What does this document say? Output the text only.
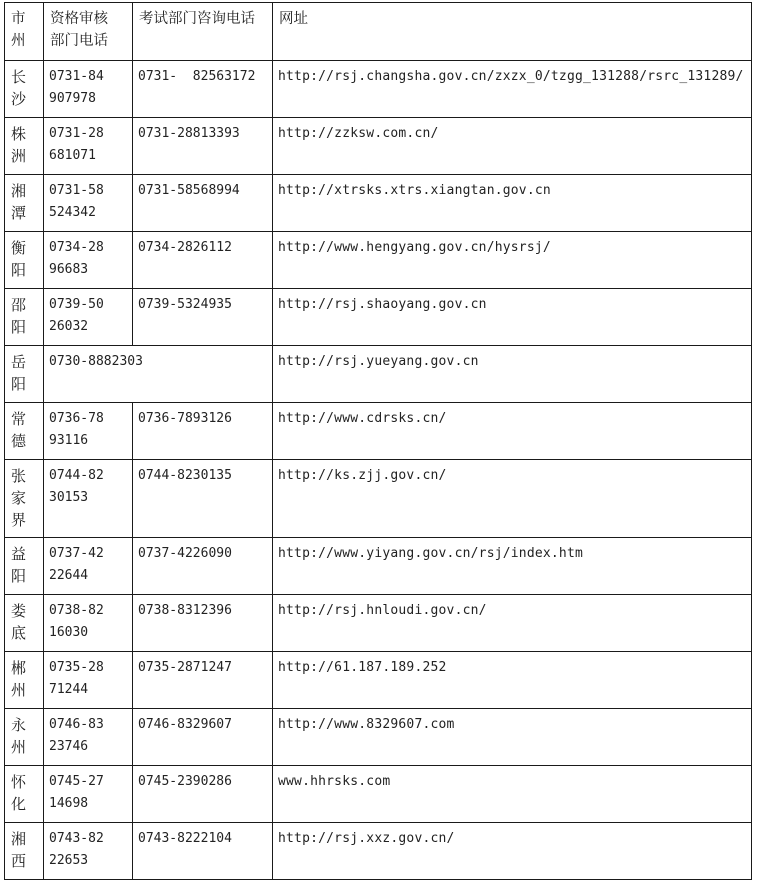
市州	资格审核部门电话	考试部门咨询电话	网址

长沙	0731-84907978	0731-  82563172	http://rsj.changsha.gov.cn/zxzx_0/tzgg_131288/rsrc_131289/

株洲	0731-28681071	0731-28813393	http://zzksw.com.cn/

湘潭	0731-58524342	0731-58568994	http://xtrsks.xtrs.xiangtan.gov.cn

衡阳	0734-2896683	0734-2826112	http://www.hengyang.gov.cn/hysrsj/

邵阳	0739-5026032	0739-5324935	http://rsj.shaoyang.gov.cn

岳阳	0730-8882303		http://rsj.yueyang.gov.cn

常德	0736-7893116	0736-7893126	http://www.cdrsks.cn/

张家界	0744-8230153	0744-8230135	http://ks.zjj.gov.cn/

益阳	0737-4222644	0737-4226090	http://www.yiyang.gov.cn/rsj/index.htm

娄底	0738-8216030	0738-8312396	http://rsj.hnloudi.gov.cn/

郴州	0735-2871244	0735-2871247	http://61.187.189.252

永州	0746-8323746	0746-8329607	http://www.8329607.com

怀化	0745-2714698	0745-2390286	www.hhrsks.com

湘西	0743-8222653	0743-8222104	http://rsj.xxz.gov.cn/
